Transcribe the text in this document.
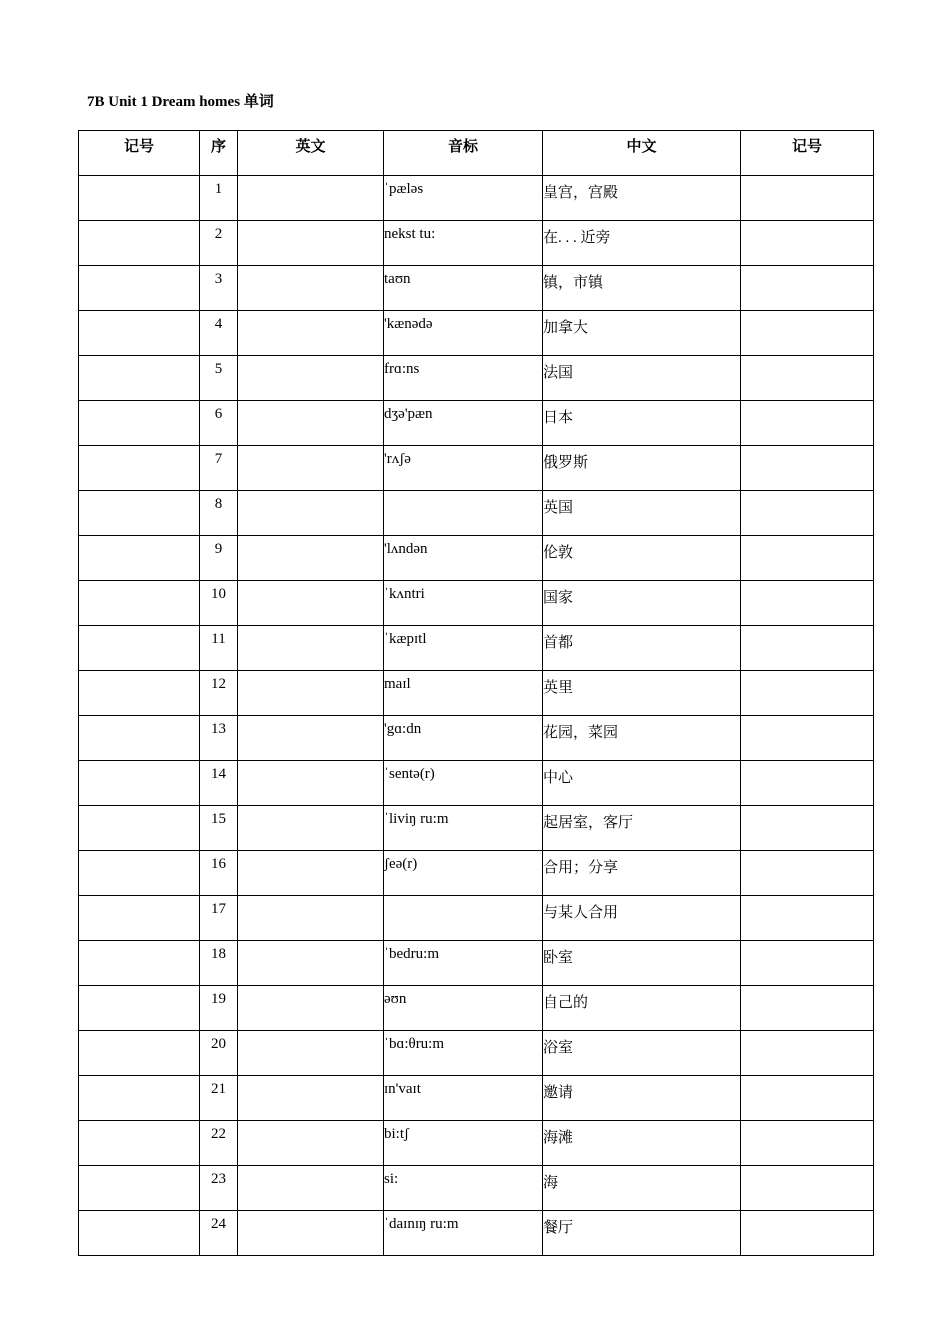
7B Unit 1 Dream homes 单词
记号	序	英文	音标	中文	记号
	1		ˈpæləs	皇宫，宫殿	
	2		nekst tu:	在. . . 近旁	
	3		taʊn	镇，市镇	
	4		'kænədə	加拿大	
	5		frɑ:ns	法国	
	6		dʒə'pæn	日本	
	7		'rʌʃə	俄罗斯	
	8			英国	
	9		'lʌndən	伦敦	
	10		ˈkʌntri	国家	
	11		ˈkæpɪtl	首都	
	12		maɪl	英里	
	13		'gɑ:dn	花园，菜园	
	14		ˈsentə(r)	中心	
	15		ˈliviŋ ru:m	起居室，客厅	
	16		ʃeə(r)	合用；分享	
	17			与某人合用	
	18		ˈbedru:m	卧室	
	19		əʊn	自己的	
	20		ˈbɑ:θru:m	浴室	
	21		ɪn'vaɪt	邀请	
	22		bi:tʃ	海滩	
	23		si:	海	
	24		ˈdaɪnɪŋ ru:m	餐厅	
